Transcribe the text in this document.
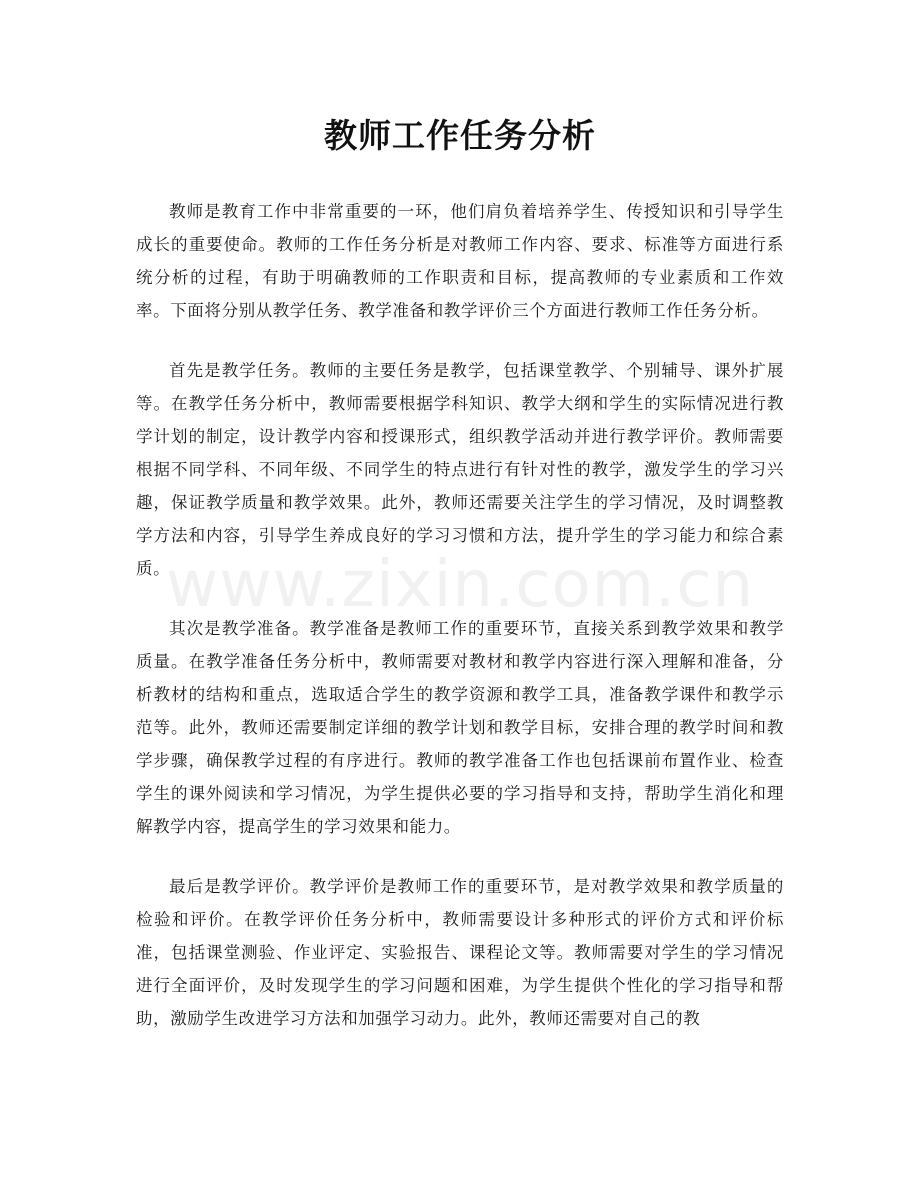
教师工作任务分析

教师是教育工作中非常重要的一环，他们肩负着培养学生、传授知识和引导学生成长的重要使命。教师的工作任务分析是对教师工作内容、要求、标准等方面进行系统分析的过程，有助于明确教师的工作职责和目标，提高教师的专业素质和工作效率。下面将分别从教学任务、教学准备和教学评价三个方面进行教师工作任务分析。

首先是教学任务。教师的主要任务是教学，包括课堂教学、个别辅导、课外扩展等。在教学任务分析中，教师需要根据学科知识、教学大纲和学生的实际情况进行教学计划的制定，设计教学内容和授课形式，组织教学活动并进行教学评价。教师需要根据不同学科、不同年级、不同学生的特点进行有针对性的教学，激发学生的学习兴趣，保证教学质量和教学效果。此外，教师还需要关注学生的学习情况，及时调整教学方法和内容，引导学生养成良好的学习习惯和方法，提升学生的学习能力和综合素质。

其次是教学准备。教学准备是教师工作的重要环节，直接关系到教学效果和教学质量。在教学准备任务分析中，教师需要对教材和教学内容进行深入理解和准备，分析教材的结构和重点，选取适合学生的教学资源和教学工具，准备教学课件和教学示范等。此外，教师还需要制定详细的教学计划和教学目标，安排合理的教学时间和教学步骤，确保教学过程的有序进行。教师的教学准备工作也包括课前布置作业、检查学生的课外阅读和学习情况，为学生提供必要的学习指导和支持，帮助学生消化和理解教学内容，提高学生的学习效果和能力。

最后是教学评价。教学评价是教师工作的重要环节，是对教学效果和教学质量的检验和评价。在教学评价任务分析中，教师需要设计多种形式的评价方式和评价标准，包括课堂测验、作业评定、实验报告、课程论文等。教师需要对学生的学习情况进行全面评价，及时发现学生的学习问题和困难，为学生提供个性化的学习指导和帮助，激励学生改进学习方法和加强学习动力。此外，教师还需要对自己的教

www.zixin.com.cn
